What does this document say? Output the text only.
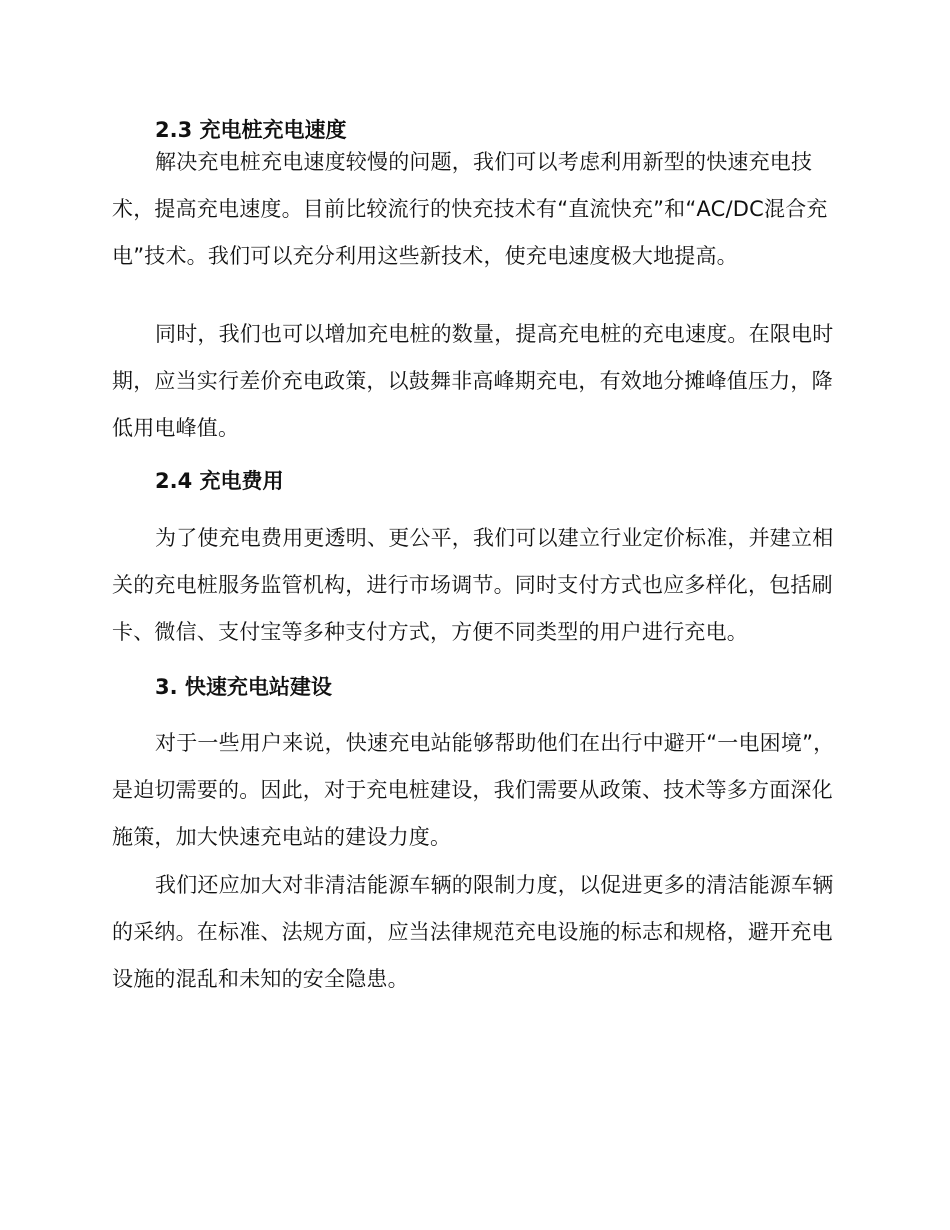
2.3 充电桩充电速度

解决充电桩充电速度较慢的问题，我们可以考虑利用新型的快速充电技术，提高充电速度。目前比较流行的快充技术有“直流快充”和“AC/DC混合充电”技术。我们可以充分利用这些新技术，使充电速度极大地提高。

同时，我们也可以增加充电桩的数量，提高充电桩的充电速度。在限电时期，应当实行差价充电政策，以鼓舞非高峰期充电，有效地分摊峰值压力，降低用电峰值。

2.4 充电费用

为了使充电费用更透明、更公平，我们可以建立行业定价标准，并建立相关的充电桩服务监管机构，进行市场调节。同时支付方式也应多样化，包括刷卡、微信、支付宝等多种支付方式，方便不同类型的用户进行充电。

3. 快速充电站建设

对于一些用户来说，快速充电站能够帮助他们在出行中避开“一电困境”，是迫切需要的。因此，对于充电桩建设，我们需要从政策、技术等多方面深化施策，加大快速充电站的建设力度。

我们还应加大对非清洁能源车辆的限制力度，以促进更多的清洁能源车辆的采纳。在标准、法规方面，应当法律规范充电设施的标志和规格，避开充电设施的混乱和未知的安全隐患。
